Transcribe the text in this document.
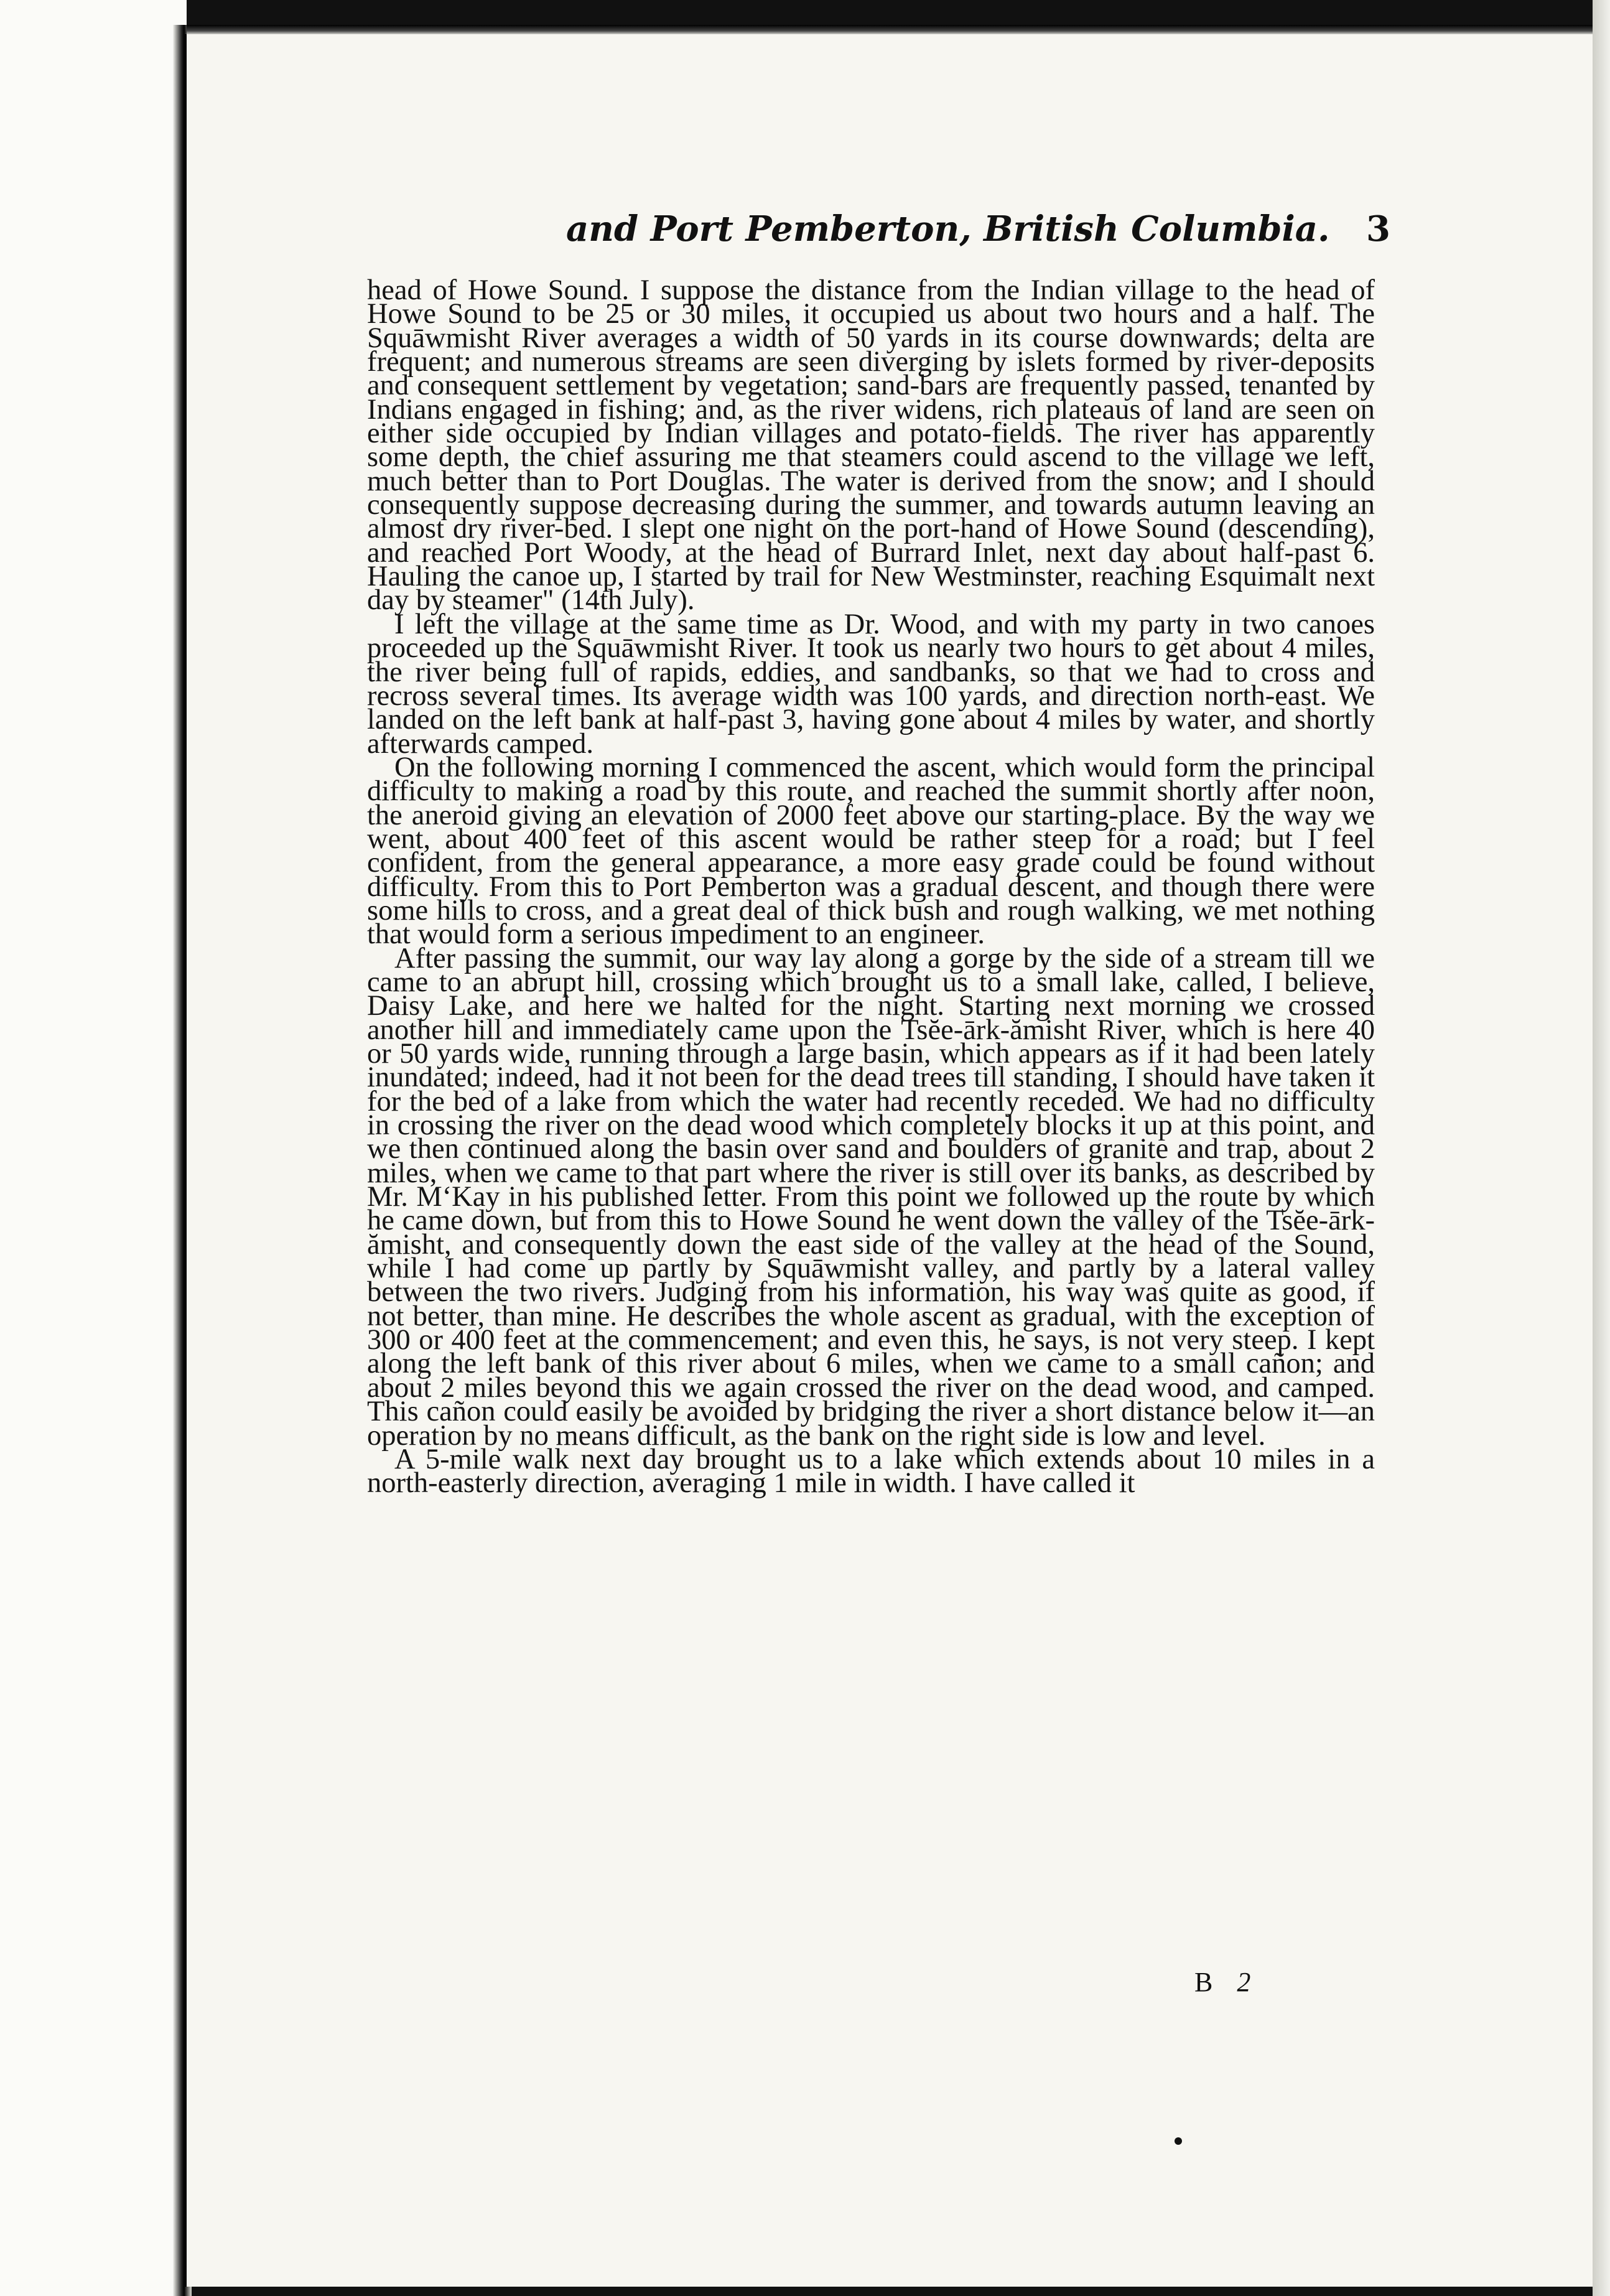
and Port Pemberton, British Columbia.	3

head of Howe Sound. I suppose the distance from the Indian village to the head of Howe Sound to be 25 or 30 miles, it occupied us about two hours and a half. The Squāwmisht River averages a width of 50 yards in its course downwards; delta are frequent; and numerous streams are seen diverging by islets formed by river-deposits and consequent settlement by vegetation; sand-bars are frequently passed, tenanted by Indians engaged in fishing; and, as the river widens, rich plateaus of land are seen on either side occupied by Indian villages and potato-fields. The river has apparently some depth, the chief assuring me that steamers could ascend to the village we left, much better than to Port Douglas. The water is derived from the snow; and I should consequently suppose decreasing during the summer, and towards autumn leaving an almost dry river-bed. I slept one night on the port-hand of Howe Sound (descending), and reached Port Woody, at the head of Burrard Inlet, next day about half-past 6. Hauling the canoe up, I started by trail for New Westminster, reaching Esquimalt next day by steamer" (14th July).

I left the village at the same time as Dr. Wood, and with my party in two canoes proceeded up the Squāwmisht River. It took us nearly two hours to get about 4 miles, the river being full of rapids, eddies, and sandbanks, so that we had to cross and recross several times. Its average width was 100 yards, and direction north-east. We landed on the left bank at half-past 3, having gone about 4 miles by water, and shortly afterwards camped.

On the following morning I commenced the ascent, which would form the principal difficulty to making a road by this route, and reached the summit shortly after noon, the aneroid giving an elevation of 2000 feet above our starting-place. By the way we went, about 400 feet of this ascent would be rather steep for a road; but I feel confident, from the general appearance, a more easy grade could be found without difficulty. From this to Port Pemberton was a gradual descent, and though there were some hills to cross, and a great deal of thick bush and rough walking, we met nothing that would form a serious impediment to an engineer.

After passing the summit, our way lay along a gorge by the side of a stream till we came to an abrupt hill, crossing which brought us to a small lake, called, I believe, Daisy Lake, and here we halted for the night. Starting next morning we crossed another hill and immediately came upon the Tsĕe-ārk-ămisht River, which is here 40 or 50 yards wide, running through a large basin, which appears as if it had been lately inundated; indeed, had it not been for the dead trees till standing, I should have taken it for the bed of a lake from which the water had recently receded. We had no difficulty in crossing the river on the dead wood which completely blocks it up at this point, and we then continued along the basin over sand and boulders of granite and trap, about 2 miles, when we came to that part where the river is still over its banks, as described by Mr. M‘Kay in his published letter. From this point we followed up the route by which he came down, but from this to Howe Sound he went down the valley of the Tsĕe-ārk-ămisht, and consequently down the east side of the valley at the head of the Sound, while I had come up partly by Squāwmisht valley, and partly by a lateral valley between the two rivers. Judging from his information, his way was quite as good, if not better, than mine. He describes the whole ascent as gradual, with the exception of 300 or 400 feet at the commencement; and even this, he says, is not very steep. I kept along the left bank of this river about 6 miles, when we came to a small cañon; and about 2 miles beyond this we again crossed the river on the dead wood, and camped. This cañon could easily be avoided by bridging the river a short distance below it—an operation by no means difficult, as the bank on the right side is low and level.

A 5-mile walk next day brought us to a lake which extends about 10 miles in a north-easterly direction, averaging 1 mile in width. I have called it

B 2
